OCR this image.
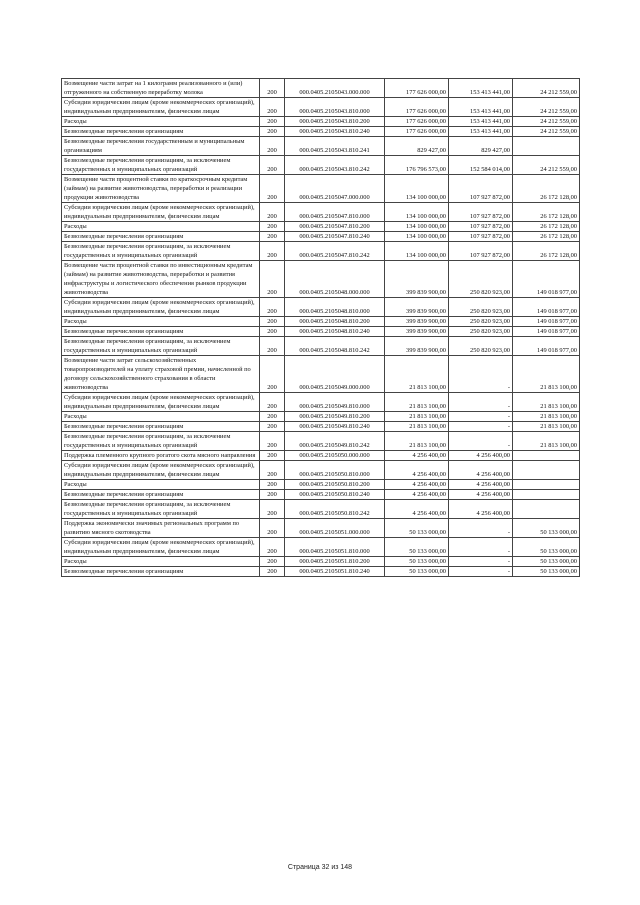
Возмещение части затрат на 1 килограмм реализованного и (или) отгруженного на собственную переработку молока	200	000.0405.2105043.000.000	177 626 000,00	153 413 441,00	24 212 559,00
Субсидии юридическим лицам (кроме некоммерческих организаций), индивидуальным предпринимателям, физическим лицам	200	000.0405.2105043.810.000	177 626 000,00	153 413 441,00	24 212 559,00
Расходы	200	000.0405.2105043.810.200	177 626 000,00	153 413 441,00	24 212 559,00
Безвозмездные перечисления организациям	200	000.0405.2105043.810.240	177 626 000,00	153 413 441,00	24 212 559,00
Безвозмездные перечисления государственным и муниципальным организациям	200	000.0405.2105043.810.241	829 427,00	829 427,00	
Безвозмездные перечисления организациям, за исключением государственных и муниципальных организаций	200	000.0405.2105043.810.242	176 796 573,00	152 584 014,00	24 212 559,00
Возмещение части процентной ставки по краткосрочным кредитам (займам) на развитие животноводства, переработки и реализации продукции животноводства	200	000.0405.2105047.000.000	134 100 000,00	107 927 872,00	26 172 128,00
Субсидии юридическим лицам (кроме некоммерческих организаций), индивидуальным предпринимателям, физическим лицам	200	000.0405.2105047.810.000	134 100 000,00	107 927 872,00	26 172 128,00
Расходы	200	000.0405.2105047.810.200	134 100 000,00	107 927 872,00	26 172 128,00
Безвозмездные перечисления организациям	200	000.0405.2105047.810.240	134 100 000,00	107 927 872,00	26 172 128,00
Безвозмездные перечисления организациям, за исключением государственных и муниципальных организаций	200	000.0405.2105047.810.242	134 100 000,00	107 927 872,00	26 172 128,00
Возмещение части процентной ставки по инвестиционным кредитам (займам) на развитие животноводства, переработки и развития инфраструктуры и логистического обеспечения рынков продукции животноводства	200	000.0405.2105048.000.000	399 839 900,00	250 820 923,00	149 018 977,00
Субсидии юридическим лицам (кроме некоммерческих организаций), индивидуальным предпринимателям, физическим лицам	200	000.0405.2105048.810.000	399 839 900,00	250 820 923,00	149 018 977,00
Расходы	200	000.0405.2105048.810.200	399 839 900,00	250 820 923,00	149 018 977,00
Безвозмездные перечисления организациям	200	000.0405.2105048.810.240	399 839 900,00	250 820 923,00	149 018 977,00
Безвозмездные перечисления организациям, за исключением государственных и муниципальных организаций	200	000.0405.2105048.810.242	399 839 900,00	250 820 923,00	149 018 977,00
Возмещение части затрат сельскохозяйственных товаропроизводителей на уплату страховой премии, начисленной по договору сельскохозяйственного страхования в области животноводства	200	000.0405.2105049.000.000	21 813 100,00	-	21 813 100,00
Субсидии юридическим лицам (кроме некоммерческих организаций), индивидуальным предпринимателям, физическим лицам	200	000.0405.2105049.810.000	21 813 100,00	-	21 813 100,00
Расходы	200	000.0405.2105049.810.200	21 813 100,00	-	21 813 100,00
Безвозмездные перечисления организациям	200	000.0405.2105049.810.240	21 813 100,00	-	21 813 100,00
Безвозмездные перечисления организациям, за исключением государственных и муниципальных организаций	200	000.0405.2105049.810.242	21 813 100,00	-	21 813 100,00
Поддержка племенного крупного рогатого скота мясного направления	200	000.0405.2105050.000.000	4 256 400,00	4 256 400,00	
Субсидии юридическим лицам (кроме некоммерческих организаций), индивидуальным предпринимателям, физическим лицам	200	000.0405.2105050.810.000	4 256 400,00	4 256 400,00	
Расходы	200	000.0405.2105050.810.200	4 256 400,00	4 256 400,00	
Безвозмездные перечисления организациям	200	000.0405.2105050.810.240	4 256 400,00	4 256 400,00	
Безвозмездные перечисления организациям, за исключением государственных и муниципальных организаций	200	000.0405.2105050.810.242	4 256 400,00	4 256 400,00	
Поддержка экономически значимых региональных программ по развитию мясного скотоводства	200	000.0405.2105051.000.000	50 133 000,00	-	50 133 000,00
Субсидии юридическим лицам (кроме некоммерческих организаций), индивидуальным предпринимателям, физическим лицам	200	000.0405.2105051.810.000	50 133 000,00	-	50 133 000,00
Расходы	200	000.0405.2105051.810.200	50 133 000,00	-	50 133 000,00
Безвозмездные перечисления организациям	200	000.0405.2105051.810.240	50 133 000,00	-	50 133 000,00
Страница 32 из 148
